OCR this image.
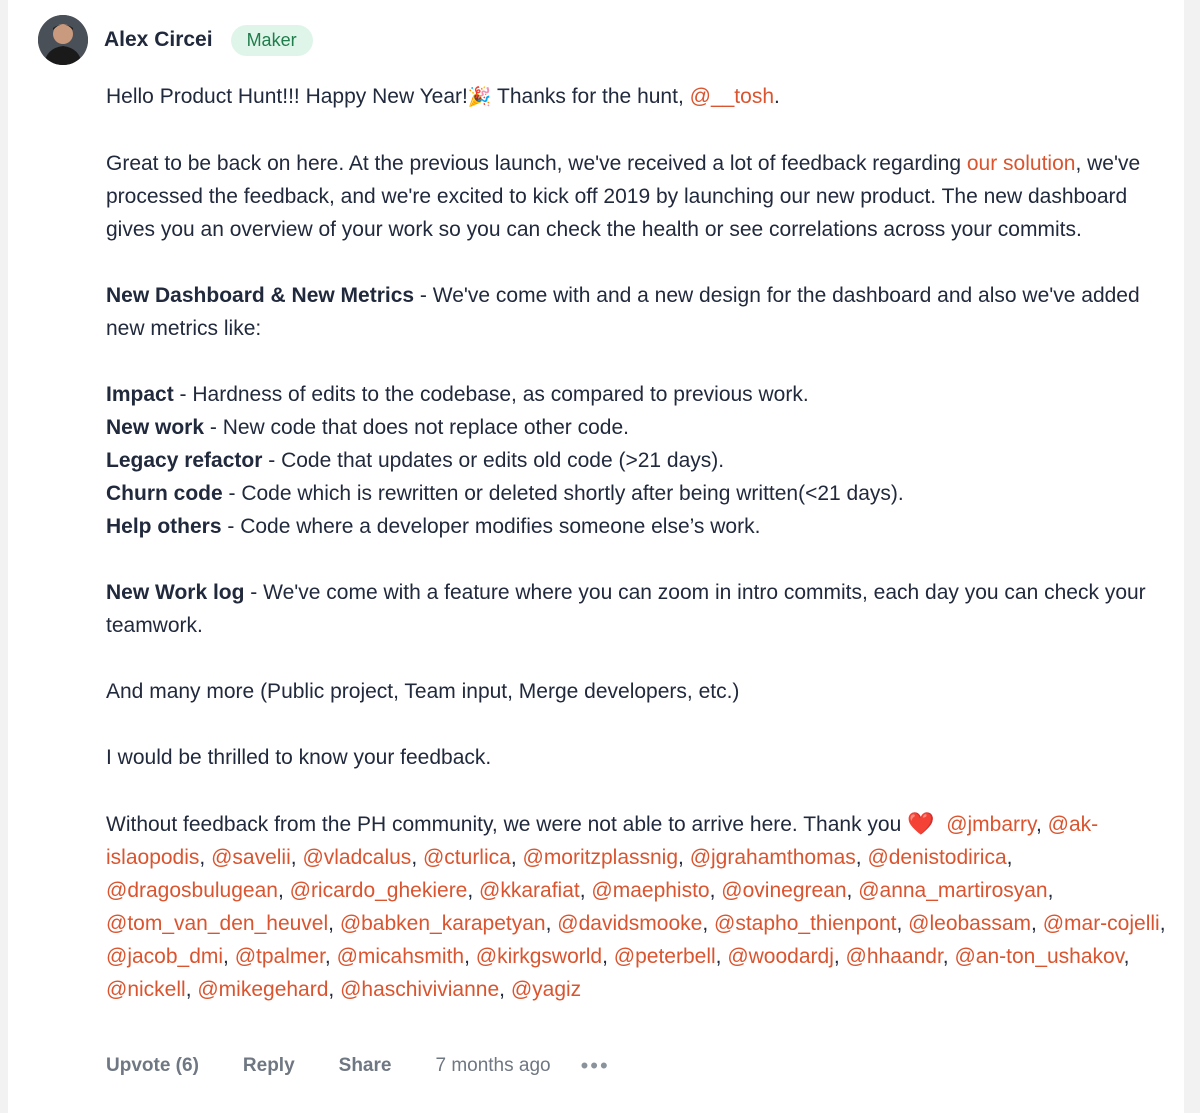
Alex Circei	Maker

Hello Product Hunt!!! Happy New Year!🎉 Thanks for the hunt, @__tosh.

Great to be back on here. At the previous launch, we've received a lot of feedback regarding our solution, we've processed the feedback, and we're excited to kick off 2019 by launching our new product. The new dashboard gives you an overview of your work so you can check the health or see correlations across your commits.

New Dashboard & New Metrics - We've come with and a new design for the dashboard and also we've added new metrics like:

Impact - Hardness of edits to the codebase, as compared to previous work.
New work - New code that does not replace other code.
Legacy refactor - Code that updates or edits old code (>21 days).
Churn code - Code which is rewritten or deleted shortly after being written(<21 days).
Help others - Code where a developer modifies someone else’s work.

New Work log - We've come with a feature where you can zoom in intro commits, each day you can check your teamwork.

And many more (Public project, Team input, Merge developers, etc.)

I would be thrilled to know your feedback.

Without feedback from the PH community, we were not able to arrive here. Thank you ❤️ @jmbarry, @ak-islaopodis, @savelii, @vladcalus, @cturlica, @moritzplassnig, @jgrahamthomas, @denistodirica, @dragosbulugean, @ricardo_ghekiere, @kkarafiat, @maephisto, @ovinegrean, @anna_martirosyan, @tom_van_den_heuvel, @babken_karapetyan, @davidsmooke, @stapho_thienpont, @leobassam, @mar-cojelli, @jacob_dmi, @tpalmer, @micahsmith, @kirkgsworld, @peterbell, @woodardj, @hhaandr, @an-ton_ushakov, @nickell, @mikegehard, @haschivivianne, @yagiz

Upvote (6) Reply Share 7 months ago •••
